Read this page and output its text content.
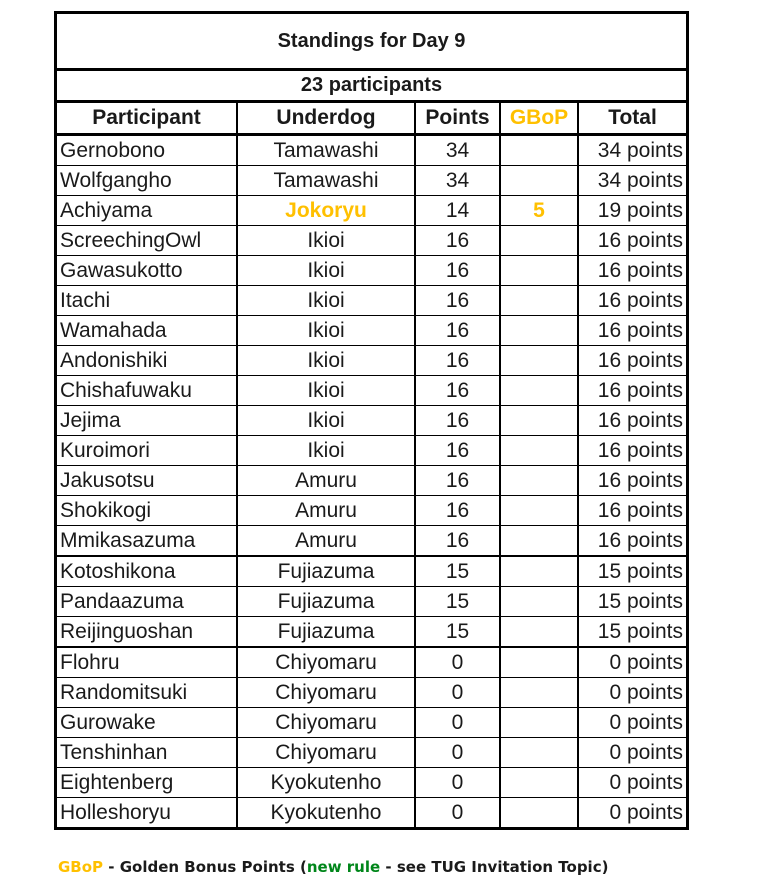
Standings for Day 9
23 participants
Participant	Underdog	Points	GBoP	Total
Gernobono	Tamawashi	34		34 points
Wolfgangho	Tamawashi	34		34 points
Achiyama	Jokoryu	14	5	19 points
ScreechingOwl	Ikioi	16		16 points
Gawasukotto	Ikioi	16		16 points
Itachi	Ikioi	16		16 points
Wamahada	Ikioi	16		16 points
Andonishiki	Ikioi	16		16 points
Chishafuwaku	Ikioi	16		16 points
Jejima	Ikioi	16		16 points
Kuroimori	Ikioi	16		16 points
Jakusotsu	Amuru	16		16 points
Shokikogi	Amuru	16		16 points
Mmikasazuma	Amuru	16		16 points
Kotoshikona	Fujiazuma	15		15 points
Pandaazuma	Fujiazuma	15		15 points
Reijinguoshan	Fujiazuma	15		15 points
Flohru	Chiyomaru	0		0 points
Randomitsuki	Chiyomaru	0		0 points
Gurowake	Chiyomaru	0		0 points
Tenshinhan	Chiyomaru	0		0 points
Eightenberg	Kyokutenho	0		0 points
Holleshoryu	Kyokutenho	0		0 points
GBoP - Golden Bonus Points (new rule - see TUG Invitation Topic)
